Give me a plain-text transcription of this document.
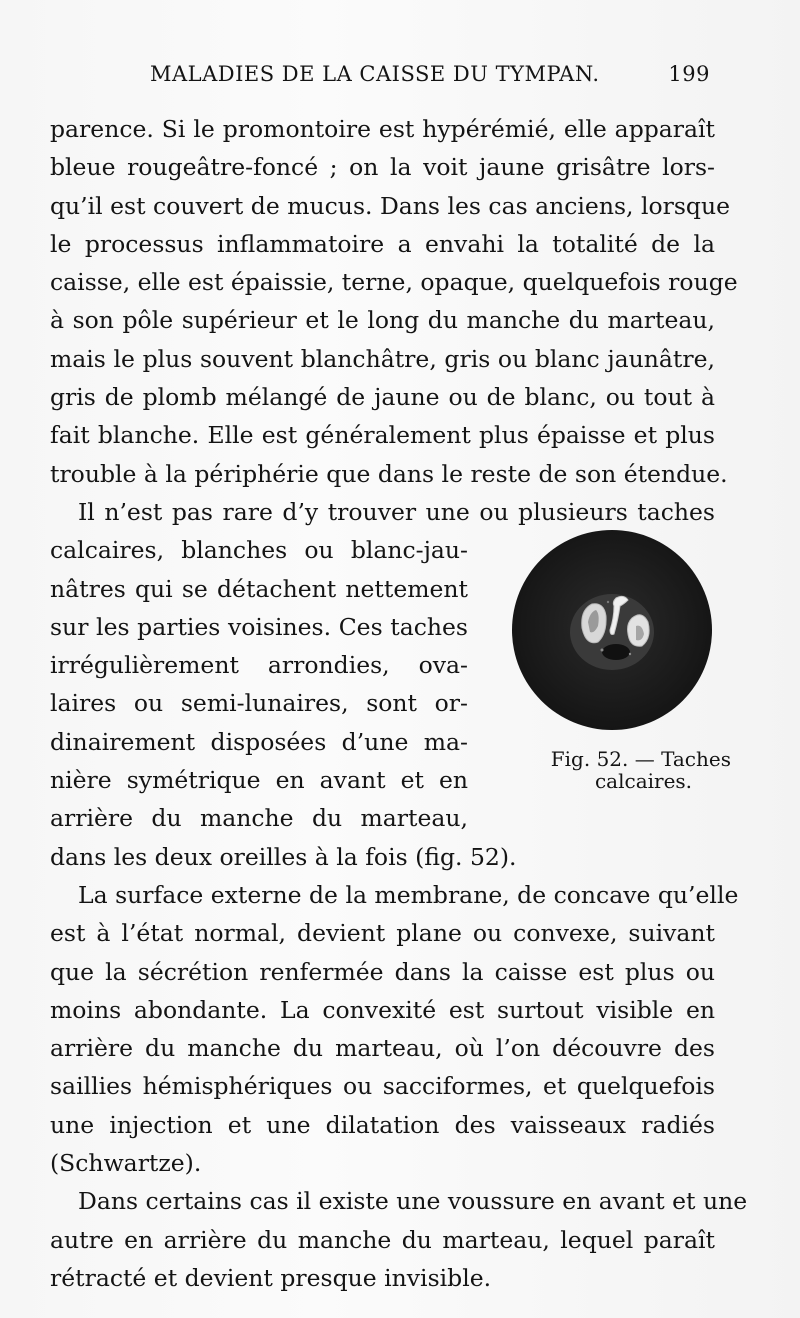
MALADIES DE LA CAISSE DU TYMPAN.	199
parence. Si le promontoire est hypérémié, elle apparaît
bleue rougeâtre-foncé ; on la voit jaune grisâtre lors-
qu’il est couvert de mucus. Dans les cas anciens, lorsque
le processus inflammatoire a envahi la totalité de la
caisse, elle est épaissie, terne, opaque, quelquefois rouge
à son pôle supérieur et le long du manche du marteau,
mais le plus souvent blanchâtre, gris ou blanc jaunâtre,
gris de plomb mélangé de jaune ou de blanc, ou tout à
fait blanche. Elle est généralement plus épaisse et plus
trouble à la périphérie que dans le reste de son étendue.
Il n’est pas rare d’y trouver une ou plusieurs taches
calcaires, blanches ou blanc-jau-
nâtres qui se détachent nettement
sur les parties voisines. Ces taches
irrégulièrement arrondies, ova-
laires ou semi-lunaires, sont or-
dinairement disposées d’une ma-
nière symétrique en avant et en
arrière du manche du marteau,
dans les deux oreilles à la fois (fig. 52).
La surface externe de la membrane, de concave qu’elle
est à l’état normal, devient plane ou convexe, suivant
que la sécrétion renfermée dans la caisse est plus ou
moins abondante. La convexité est surtout visible en
arrière du manche du marteau, où l’on découvre des
saillies hémisphériques ou sacciformes, et quelquefois
une injection et une dilatation des vaisseaux radiés
(Schwartze).
Dans certains cas il existe une voussure en avant et une
autre en arrière du manche du marteau, lequel paraît
rétracté et devient presque invisible.
Fig. 52. — Taches
calcaires.
